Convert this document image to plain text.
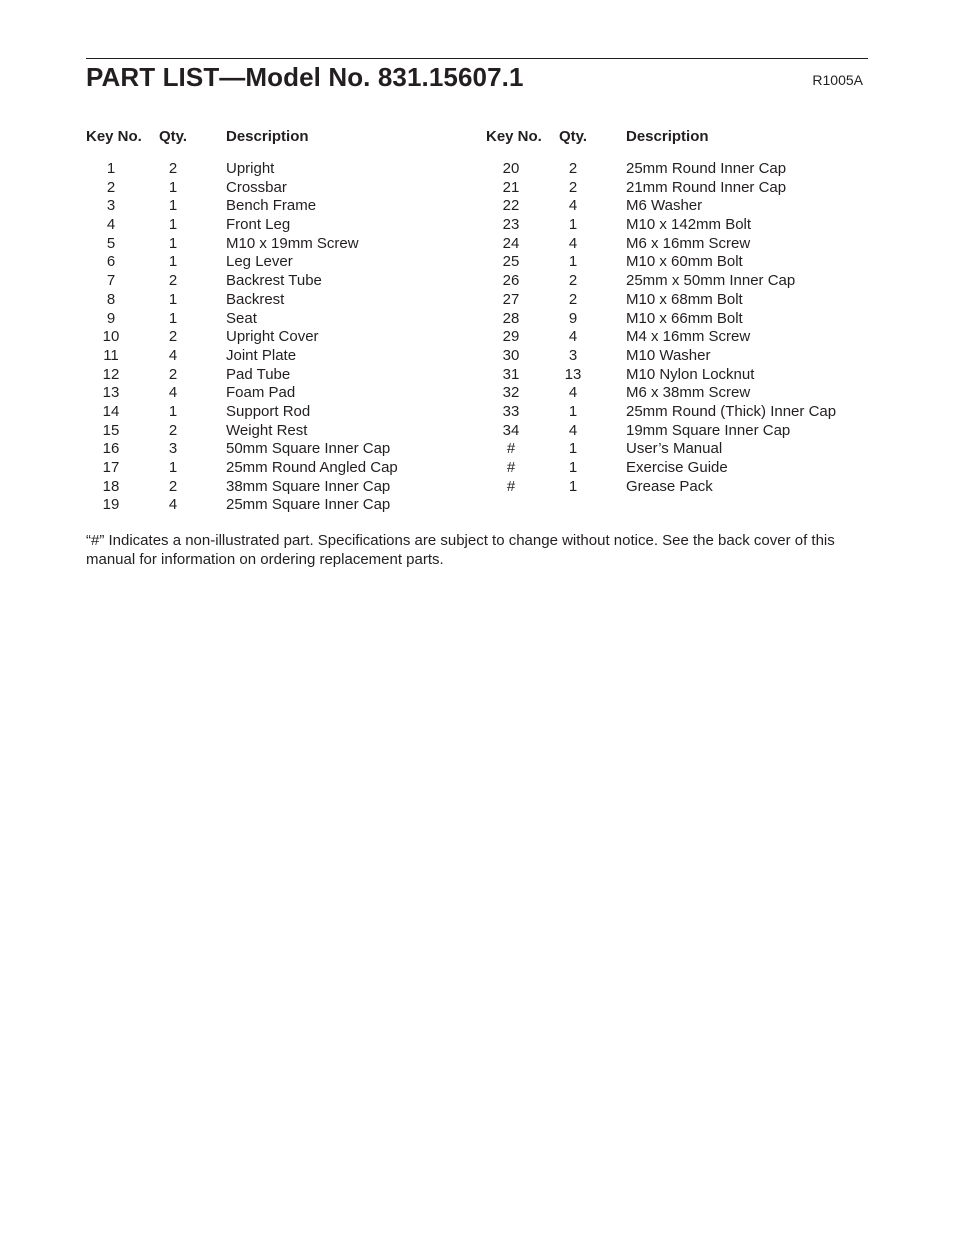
PART LIST—Model No. 831.15607.1	R1005A
Key No. Qty.	Description
1	2	Upright
2	1	Crossbar
3	1	Bench Frame
4	1	Front Leg
5	1	M10 x 19mm Screw
6	1	Leg Lever
7	2	Backrest Tube
8	1	Backrest
9	1	Seat
10	2	Upright Cover
11	4	Joint Plate
12	2	Pad Tube
13	4	Foam Pad
14	1	Support Rod
15	2	Weight Rest
16	3	50mm Square Inner Cap
17	1	25mm Round Angled Cap
18	2	38mm Square Inner Cap
19	4	25mm Square Inner Cap
Key No. Qty.	Description
20	2	25mm Round Inner Cap
21	2	21mm Round Inner Cap
22	4	M6 Washer
23	1	M10 x 142mm Bolt
24	4	M6 x 16mm Screw
25	1	M10 x 60mm Bolt
26	2	25mm x 50mm Inner Cap
27	2	M10 x 68mm Bolt
28	9	M10 x 66mm Bolt
29	4	M4 x 16mm Screw
30	3	M10 Washer
31	13	M10 Nylon Locknut
32	4	M6 x 38mm Screw
33	1	25mm Round (Thick) Inner Cap
34	4	19mm Square Inner Cap
#	1	User’s Manual
#	1	Exercise Guide
#	1	Grease Pack
“#” Indicates a non-illustrated part. Specifications are subject to change without notice. See the back cover of this manual for information on ordering replacement parts.
